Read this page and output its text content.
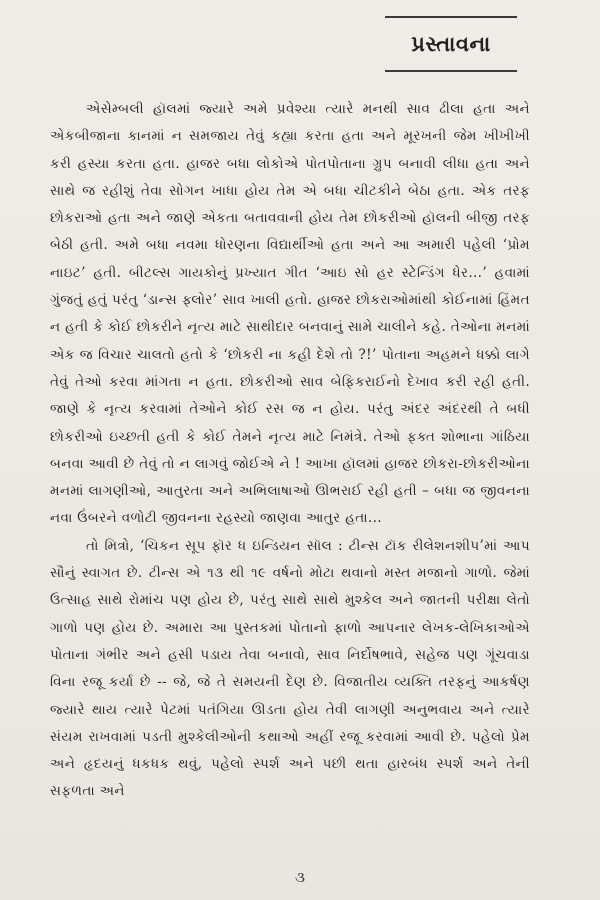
પ્રસ્તાવના

એસેમ્બલી હૉલમાં જ્યારે અમે પ્રવેશ્યા ત્યારે મનથી સાવ ઢીલા હતા અને એકબીજાના કાનમાં ન સમજાય તેવું કહ્યા કરતા હતા અને મૂરખની જેમ ખીખીખી કરી હસ્યા કરતા હતા. હાજર બધા લોકોએ પોતપોતાના ગ્રુપ બનાવી લીધા હતા અને સાથે જ રહીશું તેવા સોગન ખાધા હોય તેમ એ બધા ચીટકીને બેઠા હતા. એક તરફ છોકરાઓ હતા અને જાણે એકતા બતાવવાની હોય તેમ છોકરીઓ હૉલની બીજી તરફ બેઠી હતી. અમે બધા નવમા ધોરણના વિદ્યાર્થીઓ હતા અને આ અમારી પહેલી ‘પ્રોમ નાઇટ’ હતી. બીટલ્સ ગાયકોનું પ્રખ્યાત ગીત ‘આઇ સો હર સ્ટેન્ડિંગ ધેર...’ હવામાં ગુંજતું હતું પરંતુ ‘ડાન્સ ફ્લોર’ સાવ ખાલી હતો. હાજર છોકરાઓમાંથી કોઈનામાં હિંમત ન હતી કે કોઈ છોકરીને નૃત્ય માટે સાથીદાર બનવાનું સામે ચાલીને કહે. તેઓના મનમાં એક જ વિચાર ચાલતો હતો કે ‘છોકરી ના કહી દેશે તો ?!’ પોતાના અહમને ધક્કો લાગે તેવું તેઓ કરવા માંગતા ન હતા. છોકરીઓ સાવ બેફિકરાઈનો દેખાવ કરી રહી હતી. જાણે કે નૃત્ય કરવામાં તેઓને કોઈ રસ જ ન હોય. પરંતુ અંદર અંદરથી તે બધી છોકરીઓ ઇચ્છતી હતી કે કોઈ તેમને નૃત્ય માટે નિમંત્રે. તેઓ ફક્ત શોભાના ગાંઠિયા બનવા આવી છે તેવું તો ન લાગવું જોઈએ ને ! આખા હૉલમાં હાજર છોકરા-છોકરીઓના મનમાં લાગણીઓ, આતુરતા અને અભિલાષાઓ ઊભરાઈ રહી હતી – બધા જ જીવનના નવા ઉંબરને વળોટી જીવનના રહસ્યો જાણવા આતુર હતા...

તો મિત્રો, ‘ચિકન સૂપ ફૉર ધ ઇન્ડિયન સૉલ : ટીન્સ ટૉક રીલેશનશીપ’માં આપ સૌનું સ્વાગત છે. ટીન્સ એ ૧૩ થી ૧૯ વર્ષનો મોટા થવાનો મસ્ત મજાનો ગાળો. જેમાં ઉત્સાહ સાથે રોમાંચ પણ હોય છે, પરંતુ સાથે સાથે મુશ્કેલ અને જાતની પરીક્ષા લેતો ગાળો પણ હોય છે. અમારા આ પુસ્તકમાં પોતાનો ફાળો આપનાર લેખક-લેખિકાઓએ પોતાના ગંભીર અને હસી પડાય તેવા બનાવો, સાવ નિર્દોષભાવે, સહેજ પણ ગૂંચવાડા વિના રજૂ કર્યા છે -- જે, જે તે સમયની દેણ છે. વિજાતીય વ્યક્તિ તરફનું આકર્ષણ જ્યારે થાય ત્યારે પેટમાં પતંગિયા ઊડતા હોય તેવી લાગણી અનુભવાય અને ત્યારે સંયમ રાખવામાં પડતી મુશ્કેલીઓની કથાઓ અહીં રજૂ કરવામાં આવી છે. પહેલો પ્રેમ અને હૃદયનું ધકધક થવું, પહેલો સ્પર્શ અને પછી થતા હારબંધ સ્પર્શ અને તેની સફળતા અને

૩
